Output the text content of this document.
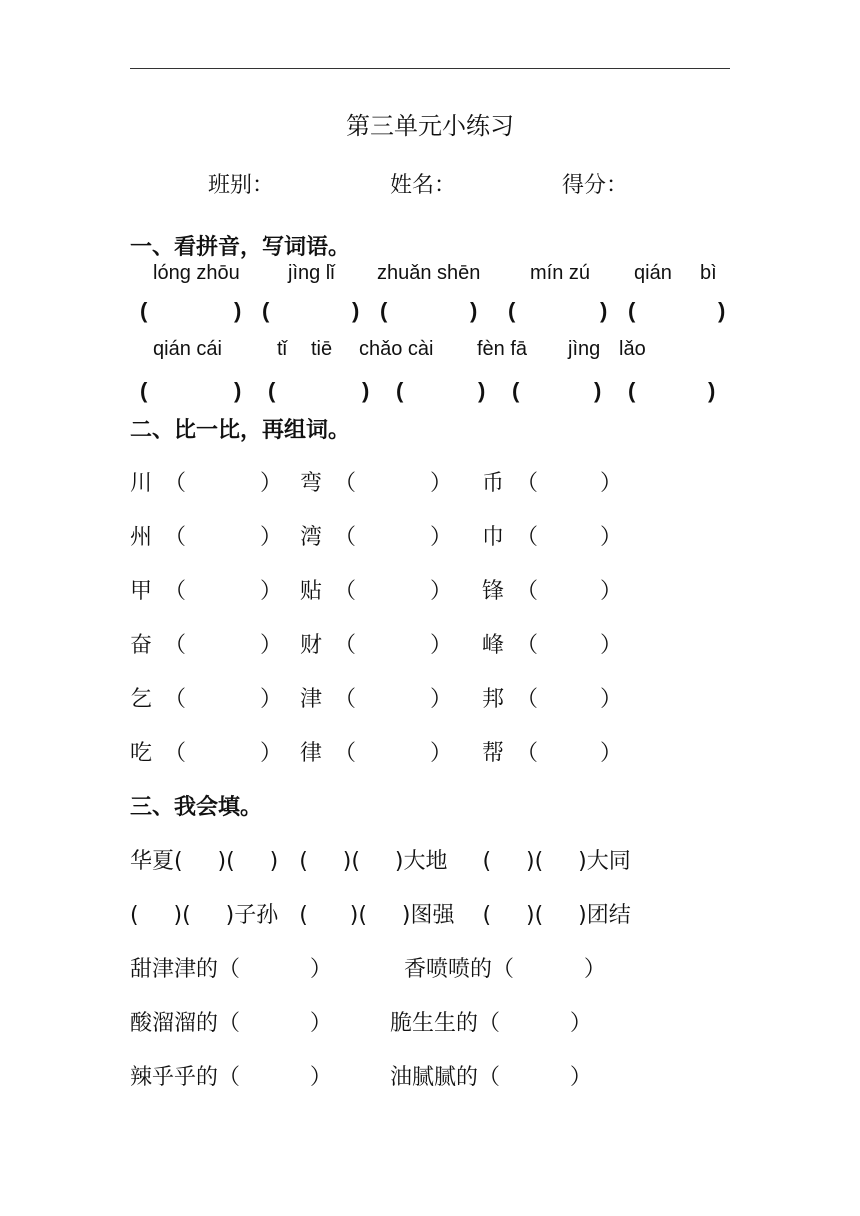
第三单元小练习
班别：	姓名：	得分：
一、看拼音，写词语。
lóng zhōu jìng lǐ zhuǎn shēn mín zú qián bì
(	) (	) (	) (	) (	)
qián cái	tǐ tiē chǎo cài fèn fā jìng lǎo
(	) (	) (	) (	) (	)
二、比一比，再组词。
川 （	） 弯 （	） 币 （	）
州 （	） 湾 （	） 巾 （	）
甲 （	） 贴 （	） 锋 （	）
奋 （	） 财 （	） 峰 （	）
乞 （	） 津 （	） 邦 （	）
吃 （	） 律 （	） 帮 （	）
三、我会填。
华夏(     )(     )   (     )(     )大地     (     )(     )大同
(     )(     )子孙   (      )(     )图强    (     )(     )团结
甜津津的（          ）	香喷喷的（          ）
酸溜溜的（          ）	脆生生的（          ）
辣乎乎的（          ）	油腻腻的（          ）
